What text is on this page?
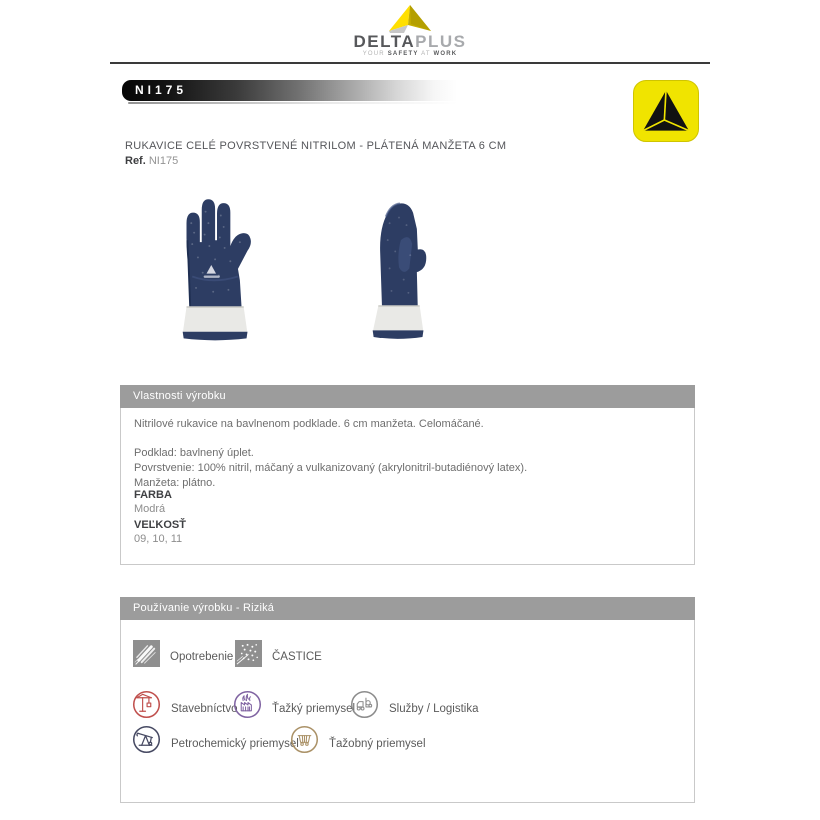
DELTAPLUS
YOUR SAFETY AT WORK
NI175
RUKAVICE CELÉ POVRSTVENÉ NITRILOM - PLÁTENÁ MANŽETA 6 CM
Ref. NI175
Vlastnosti výrobku
Nitrilové rukavice na bavlnenom podklade. 6 cm manžeta. Celomáčané.
Podklad: bavlnený úplet.
Povrstvenie: 100% nitril, máčaný a vulkanizovaný (akrylonitril-butadiénový latex).
Manžeta: plátno.
FARBA
Modrá
VEĽKOSŤ
09, 10, 11
Používanie výrobku - Riziká
Opotrebenie	ČASTICE
Stavebníctvo	Ťažký priemysel	Služby / Logistika
Petrochemický priemysel	Ťažobný priemysel
